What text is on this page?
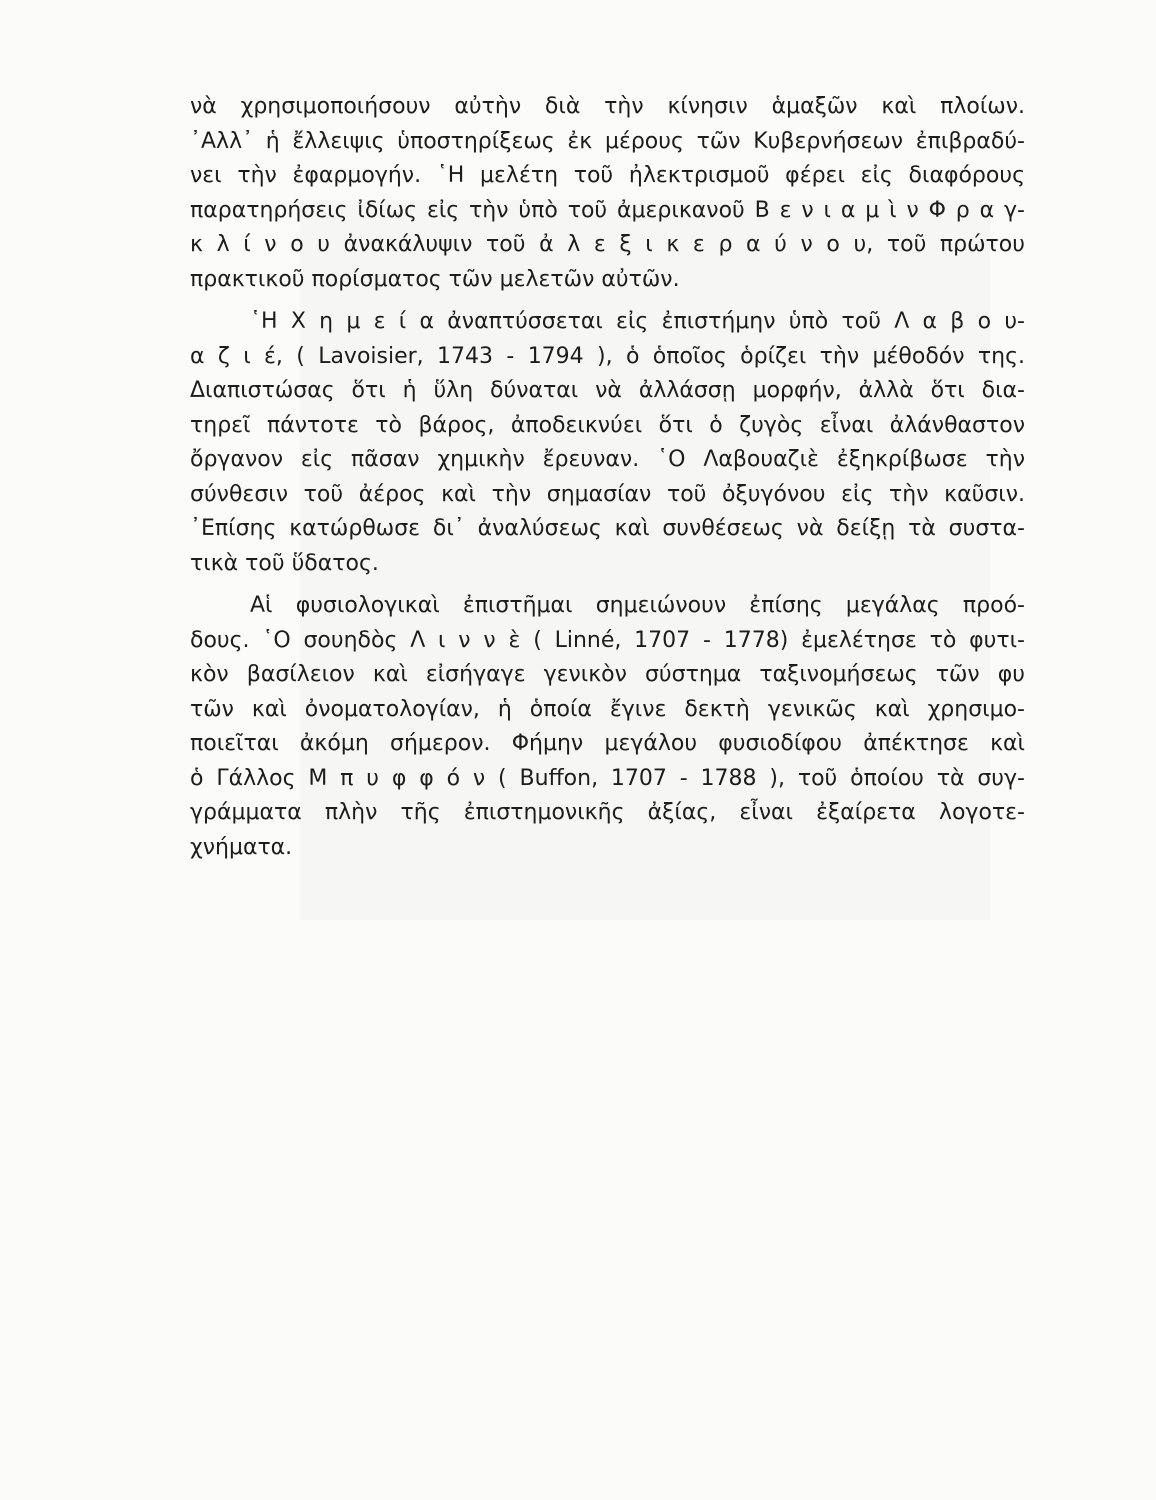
νὰ χρησιμοποιήσουν αὐτὴν διὰ τὴν κίνησιν ἁμαξῶν καὶ πλοίων.
᾿Αλλ᾿ ἡ ἔλλειψις ὑποστηρίξεως ἐκ μέρους τῶν Κυβερνήσεων ἐπιβραδύ-
νει τὴν ἐφαρμογήν. ῾Η μελέτη τοῦ ἠλεκτρισμοῦ φέρει εἰς διαφόρους
παρατηρήσεις ἰδίως εἰς τὴν ὑπὸ τοῦ ἀμερικανοῦ Β ε ν ι α μ ὶ ν Φ ρ α γ-
κ λ ί ν ο υ ἀνακάλυψιν τοῦ ἀ λ ε ξ ι κ ε ρ α ύ ν ο υ, τοῦ πρώτου
πρακτικοῦ πορίσματος τῶν μελετῶν αὐτῶν.
῾Η Χ η μ ε ί α ἀναπτύσσεται εἰς ἐπιστήμην ὑπὸ τοῦ Λ α β ο υ-
α ζ ι έ, ( Lavoisier, 1743 - 1794 ), ὁ ὁποῖος ὁρίζει τὴν μέθοδόν της.
Διαπιστώσας ὅτι ἡ ὕλη δύναται νὰ ἀλλάσσῃ μορφήν, ἀλλὰ ὅτι δια-
τηρεῖ πάντοτε τὸ βάρος, ἀποδεικνύει ὅτι ὁ ζυγὸς εἶναι ἀλάνθαστον
ὄργανον εἰς πᾶσαν χημικὴν ἔρευναν. ῾Ο Λαβουαζιὲ ἐξηκρίβωσε τὴν
σύνθεσιν τοῦ ἀέρος καὶ τὴν σημασίαν τοῦ ὀξυγόνου εἰς τὴν καῦσιν.
᾿Επίσης κατώρθωσε δι᾿ ἀναλύσεως καὶ συνθέσεως νὰ δείξῃ τὰ συστα-
τικὰ τοῦ ὕδατος.
Αἱ φυσιολογικαὶ ἐπιστῆμαι σημειώνουν ἐπίσης μεγάλας προό-
δους. ῾Ο σουηδὸς Λ ι ν ν ὲ ( Linné, 1707 - 1778) ἐμελέτησε τὸ φυτι-
κὸν βασίλειον καὶ εἰσήγαγε γενικὸν σύστημα ταξινομήσεως τῶν φυ
τῶν καὶ ὀνοματολογίαν, ἡ ὁποία ἔγινε δεκτὴ γενικῶς καὶ χρησιμο-
ποιεῖται ἀκόμη σήμερον. Φήμην μεγάλου φυσιοδίφου ἀπέκτησε καὶ
ὁ Γάλλος Μ π υ φ φ ό ν ( Buffon, 1707 - 1788 ), τοῦ ὁποίου τὰ συγ-
γράμματα πλὴν τῆς ἐπιστημονικῆς ἀξίας, εἶναι ἐξαίρετα λογοτε-
χνήματα.
